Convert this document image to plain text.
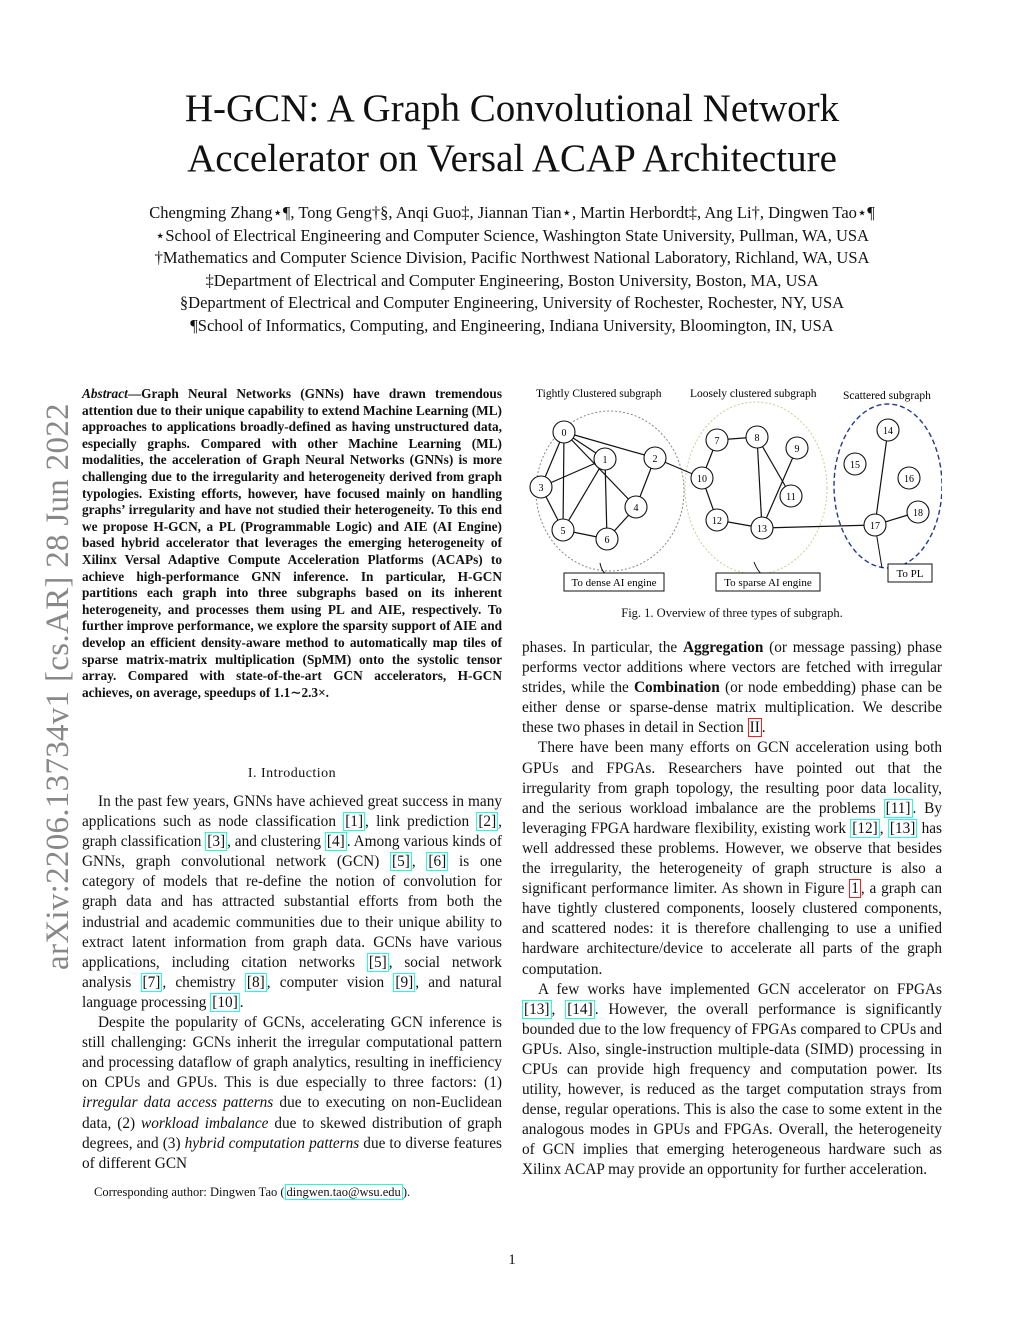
H-GCN: A Graph Convolutional Network
Accelerator on Versal ACAP Architecture
Chengming Zhang⋆¶, Tong Geng†§, Anqi Guo‡, Jiannan Tian⋆, Martin Herbordt‡, Ang Li†, Dingwen Tao⋆¶
⋆School of Electrical Engineering and Computer Science, Washington State University, Pullman, WA, USA
†Mathematics and Computer Science Division, Pacific Northwest National Laboratory, Richland, WA, USA
‡Department of Electrical and Computer Engineering, Boston University, Boston, MA, USA
§Department of Electrical and Computer Engineering, University of Rochester, Rochester, NY, USA
¶School of Informatics, Computing, and Engineering, Indiana University, Bloomington, IN, USA
arXiv:2206.13734v1 [cs.AR] 28 Jun 2022
Abstract—Graph Neural Networks (GNNs) have drawn tremendous attention due to their unique capability to extend Machine Learning (ML) approaches to applications broadly-defined as having unstructured data, especially graphs. Compared with other Machine Learning (ML) modalities, the acceleration of Graph Neural Networks (GNNs) is more challenging due to the irregularity and heterogeneity derived from graph typologies. Existing efforts, however, have focused mainly on handling graphs’ irregularity and have not studied their heterogeneity. To this end we propose H-GCN, a PL (Programmable Logic) and AIE (AI Engine) based hybrid accelerator that leverages the emerging heterogeneity of Xilinx Versal Adaptive Compute Acceleration Platforms (ACAPs) to achieve high-performance GNN inference. In particular, H-GCN partitions each graph into three subgraphs based on its inherent heterogeneity, and processes them using PL and AIE, respectively. To further improve performance, we explore the sparsity support of AIE and develop an efficient density-aware method to automatically map tiles of sparse matrix-matrix multiplication (SpMM) onto the systolic tensor array. Compared with state-of-the-art GCN accelerators, H-GCN achieves, on average, speedups of 1.1∼2.3×.
I. Introduction

In the past few years, GNNs have achieved great success in many applications such as node classification [1] , link prediction [2] , graph classification [3] , and clustering [4] . Among various kinds of GNNs, graph convolutional network (GCN) [5] , [6] is one category of models that re-define the notion of convolution for graph data and has attracted substantial efforts from both the industrial and academic communities due to their unique ability to extract latent information from graph data. GCNs have various applications, including citation networks [5] , social network analysis [7] , chemistry [8] , computer vision [9] , and natural language processing [10] .

Despite the popularity of GCNs, accelerating GCN inference is still challenging: GCNs inherit the irregular computational pattern and processing dataflow of graph analytics, resulting in inefficiency on CPUs and GPUs. This is due especially to three factors: (1) irregular data access patterns due to executing on non-Euclidean data, (2) workload imbalance due to skewed distribution of graph degrees, and (3) hybrid computation patterns due to diverse features of different GCN

Corresponding author: Dingwen Tao ( dingwen.tao@wsu.edu ).
Tightly Clustered subgraph Loosely clustered subgraph Scattered subgraph
0
1	2
3
4
5
6
7	8
9
10
11
12
13
14
15
16
17
18
To dense AI engine	To sparse AI engine
To PL
Fig. 1. Overview of three types of subgraph.

phases. In particular, the Aggregation (or message passing) phase performs vector additions where vectors are fetched with irregular strides, while the Combination (or node embedding) phase can be either dense or sparse-dense matrix multiplication. We describe these two phases in detail in Section II .

There have been many efforts on GCN acceleration using both GPUs and FPGAs. Researchers have pointed out that the irregularity from graph topology, the resulting poor data locality, and the serious workload imbalance are the problems [11] . By leveraging FPGA hardware flexibility, existing work [12] , [13] has well addressed these problems. However, we observe that besides the irregularity, the heterogeneity of graph structure is also a significant performance limiter. As shown in Figure 1 , a graph can have tightly clustered components, loosely clustered components, and scattered nodes: it is therefore challenging to use a unified hardware architecture/device to accelerate all parts of the graph computation.

A few works have implemented GCN accelerator on FPGAs [13] , [14] . However, the overall performance is significantly bounded due to the low frequency of FPGAs compared to CPUs and GPUs. Also, single-instruction multiple-data (SIMD) processing in CPUs can provide high frequency and computation power. Its utility, however, is reduced as the target computation strays from dense, regular operations. This is also the case to some extent in the analogous modes in GPUs and FPGAs. Overall, the heterogeneity of GCN implies that emerging heterogeneous hardware such as Xilinx ACAP may provide an opportunity for further acceleration.

1
